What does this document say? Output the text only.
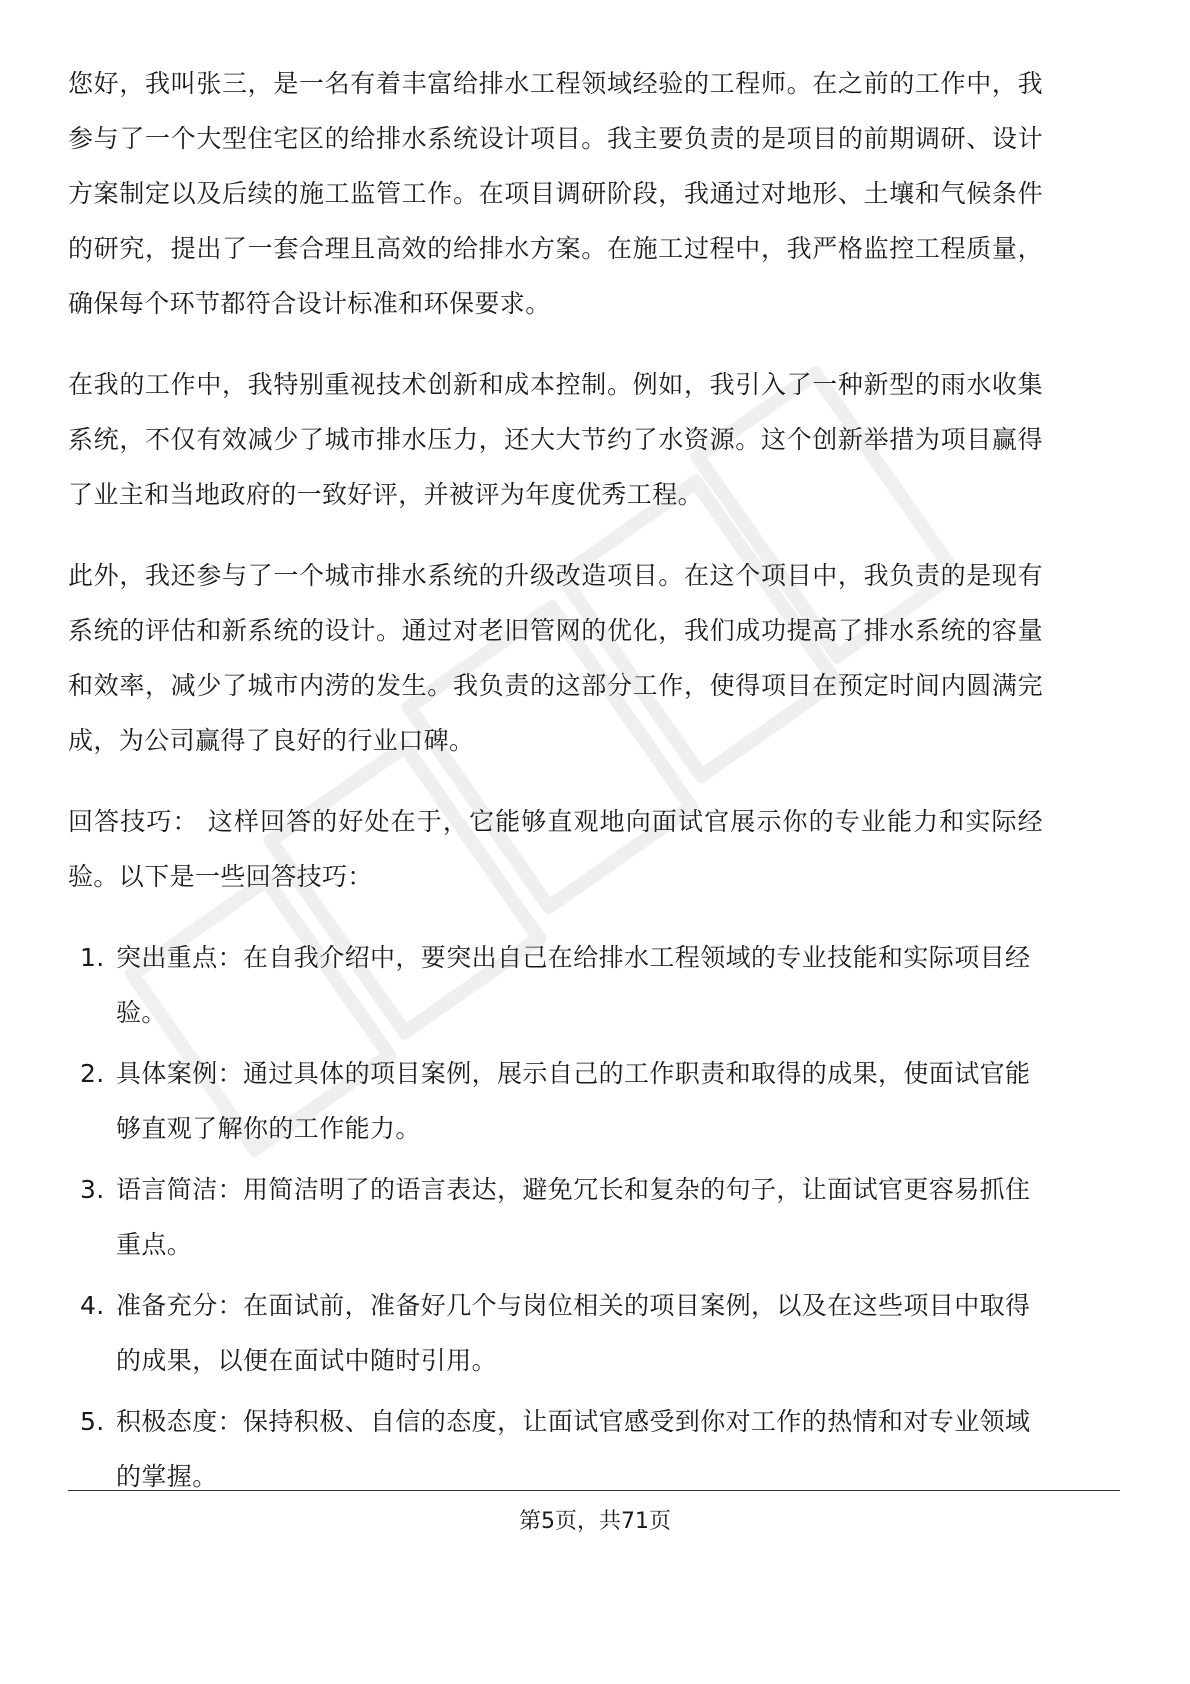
您好，我叫张三，是一名有着丰富给排水工程领域经验的工程师。在之前的工作中，我参与了一个大型住宅区的给排水系统设计项目。我主要负责的是项目的前期调研、设计方案制定以及后续的施工监管工作。在项目调研阶段，我通过对地形、土壤和气候条件的研究，提出了一套合理且高效的给排水方案。在施工过程中，我严格监控工程质量，确保每个环节都符合设计标准和环保要求。

在我的工作中，我特别重视技术创新和成本控制。例如，我引入了一种新型的雨水收集系统，不仅有效减少了城市排水压力，还大大节约了水资源。这个创新举措为项目赢得了业主和当地政府的一致好评，并被评为年度优秀工程。

此外，我还参与了一个城市排水系统的升级改造项目。在这个项目中，我负责的是现有系统的评估和新系统的设计。通过对老旧管网的优化，我们成功提高了排水系统的容量和效率，减少了城市内涝的发生。我负责的这部分工作，使得项目在预定时间内圆满完成，为公司赢得了良好的行业口碑。

回答技巧： 这样回答的好处在于，它能够直观地向面试官展示你的专业能力和实际经验。以下是一些回答技巧：

1. 突出重点：在自我介绍中，要突出自己在给排水工程领域的专业技能和实际项目经验。
2. 具体案例：通过具体的项目案例，展示自己的工作职责和取得的成果，使面试官能够直观了解你的工作能力。
3. 语言简洁：用简洁明了的语言表达，避免冗长和复杂的句子，让面试官更容易抓住重点。
4. 准备充分：在面试前，准备好几个与岗位相关的项目案例，以及在这些项目中取得的成果，以便在面试中随时引用。
5. 积极态度：保持积极、自信的态度，让面试官感受到你对工作的热情和对专业领域的掌握。
第5页，共71页
